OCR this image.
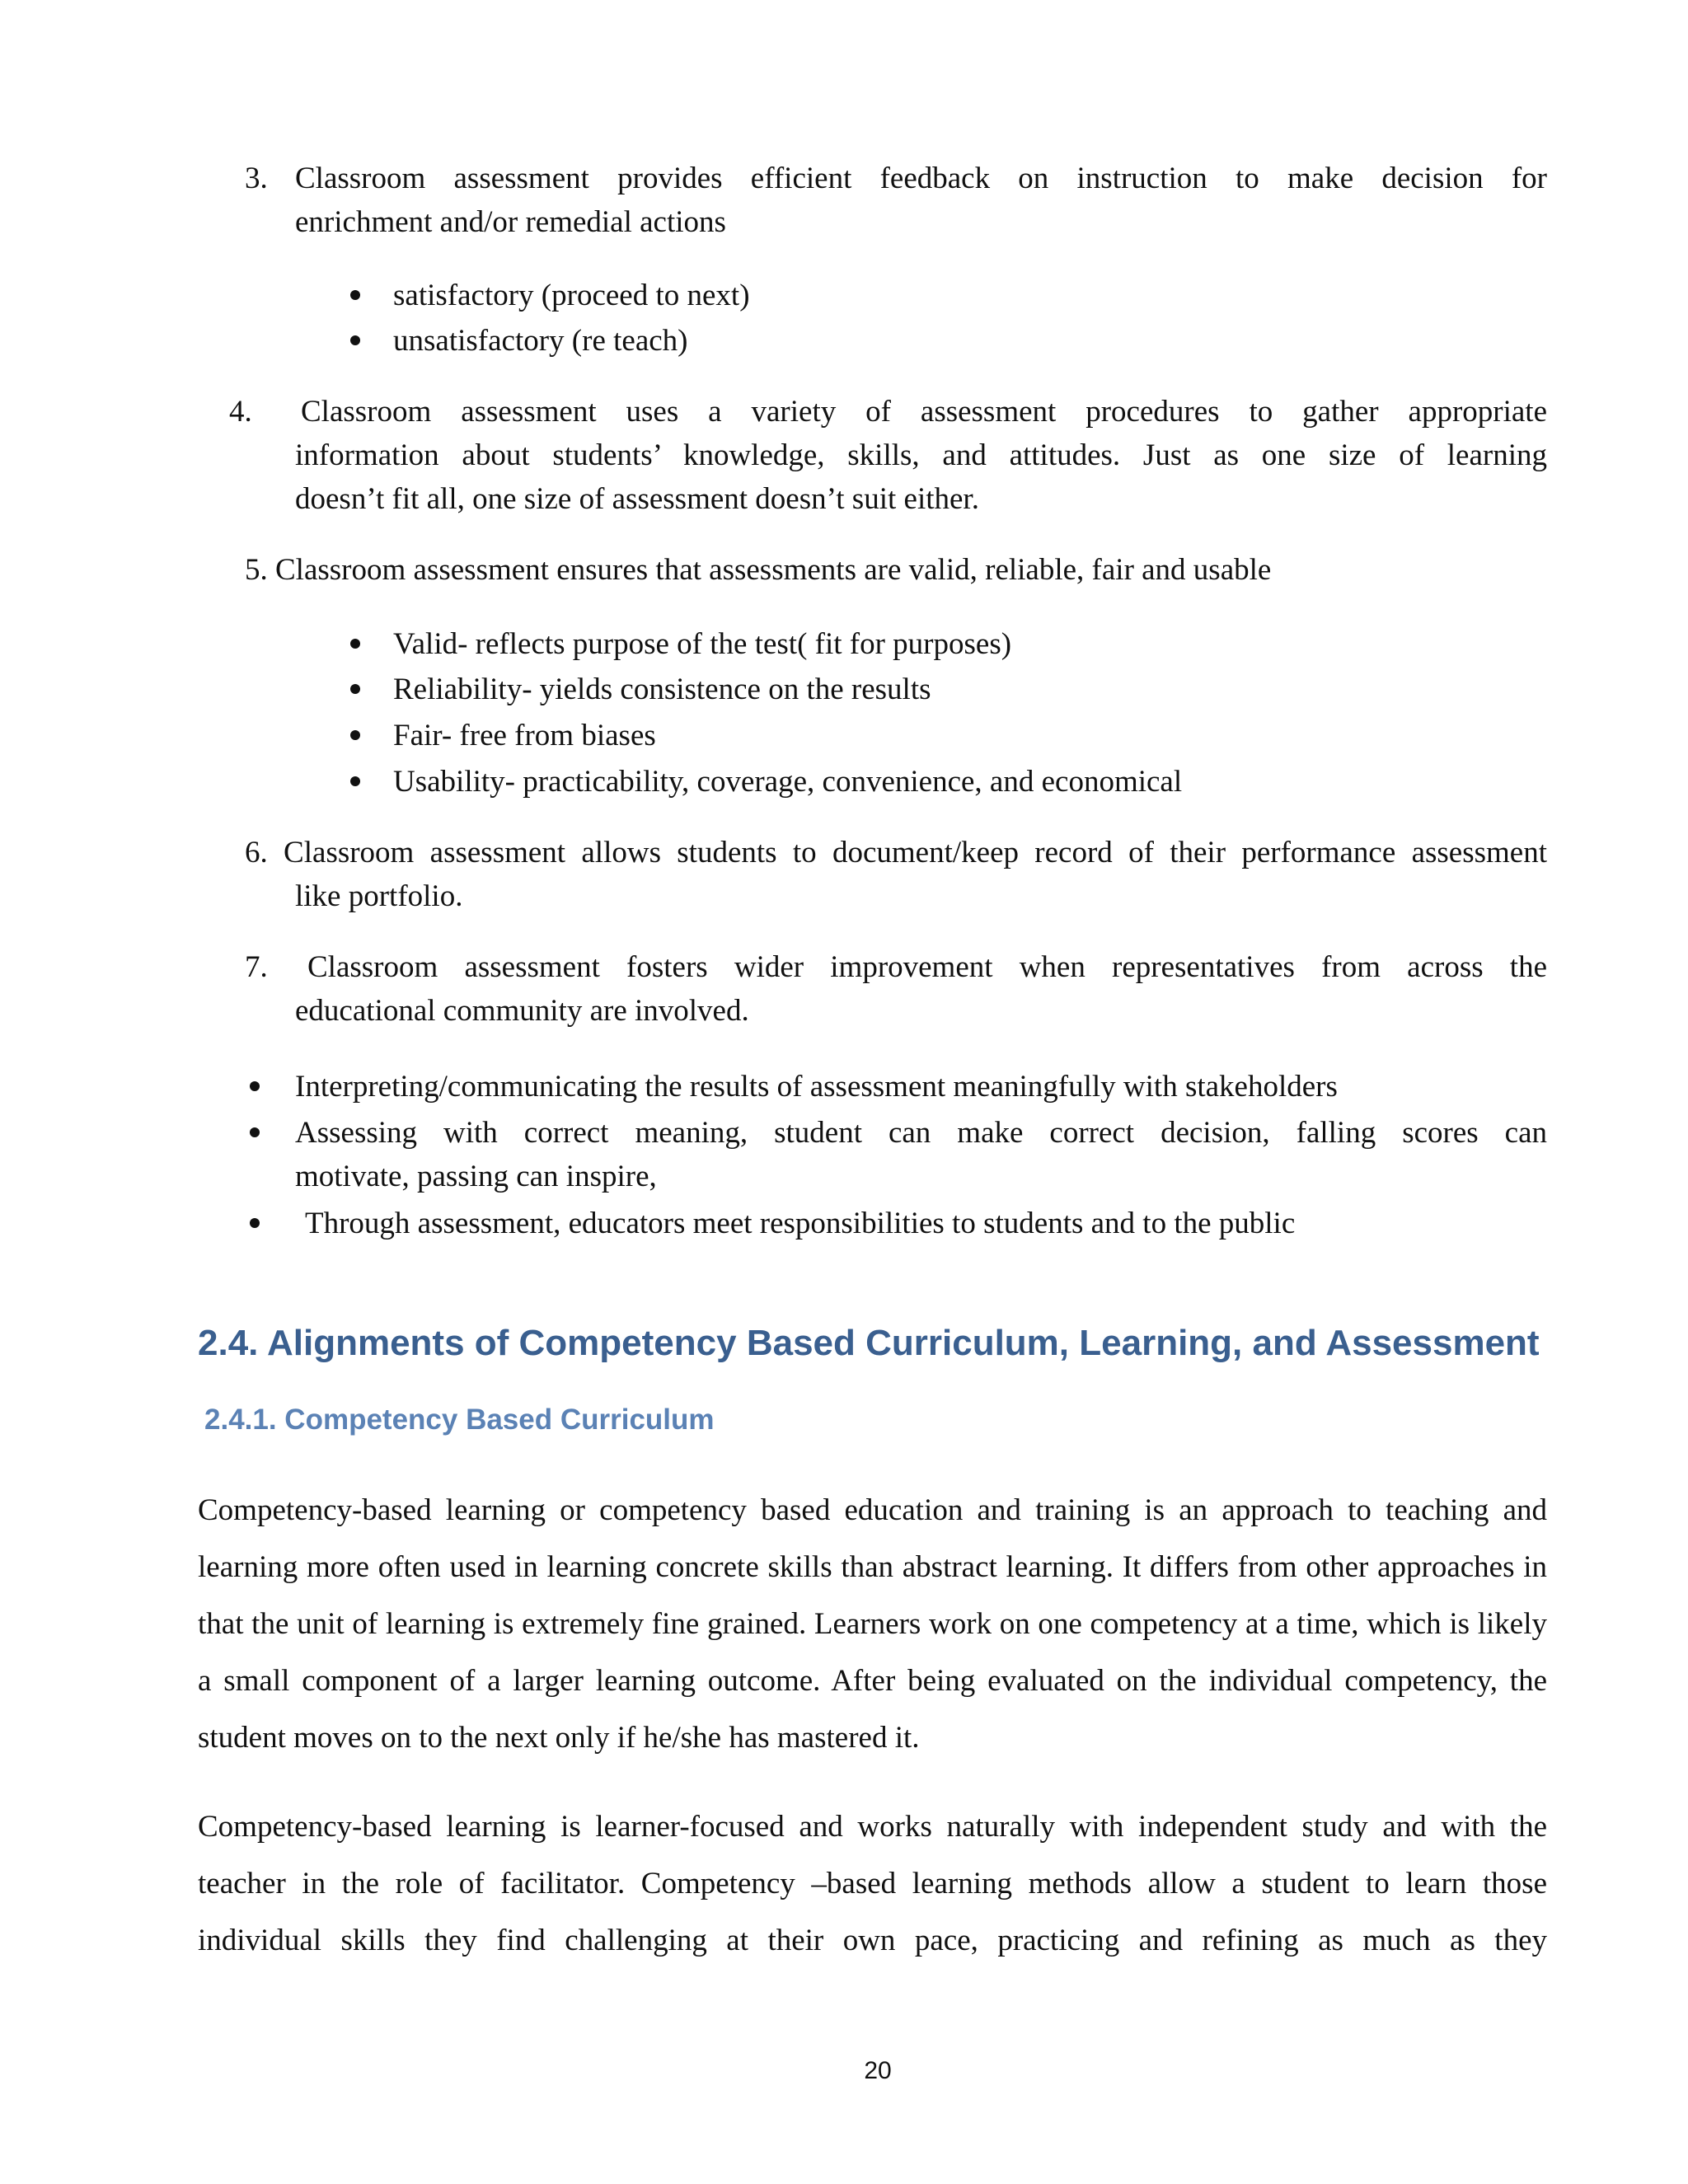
3. Classroom assessment provides efficient feedback on instruction to make decision for
enrichment and/or remedial actions
satisfactory (proceed to next)
unsatisfactory (re teach)
4. Classroom assessment uses a variety of assessment procedures to gather appropriate
information about students’ knowledge, skills, and attitudes. Just as one size of learning
doesn’t fit all, one size of assessment doesn’t suit either.
5. Classroom assessment ensures that assessments are valid, reliable, fair and usable
Valid- reflects purpose of the test( fit for purposes)
Reliability- yields consistence on the results
Fair- free from biases
Usability- practicability, coverage, convenience, and economical
6. Classroom assessment allows students to document/keep record of their performance assessment
like portfolio.
7. Classroom assessment fosters wider improvement when representatives from across the
educational community are involved.
Interpreting/communicating the results of assessment meaningfully with stakeholders
Assessing with correct meaning, student can make correct decision, falling scores can
motivate, passing can inspire,
Through assessment, educators meet responsibilities to students and to the public
2.4. Alignments of Competency Based Curriculum, Learning, and Assessment
2.4.1. Competency Based Curriculum
Competency-based learning or competency based education and training is an approach to teaching and learning more often used in learning concrete skills than abstract learning. It differs from other approaches in that the unit of learning is extremely fine grained. Learners work on one competency at a time, which is likely a small component of a larger learning outcome. After being evaluated on the individual competency, the student moves on to the next only if he/she has mastered it.
Competency-based learning is learner-focused and works naturally with independent study and with the teacher in the role of facilitator. Competency –based learning methods allow a student to learn those individual skills they find challenging at their own pace, practicing and refining as much as they
20
